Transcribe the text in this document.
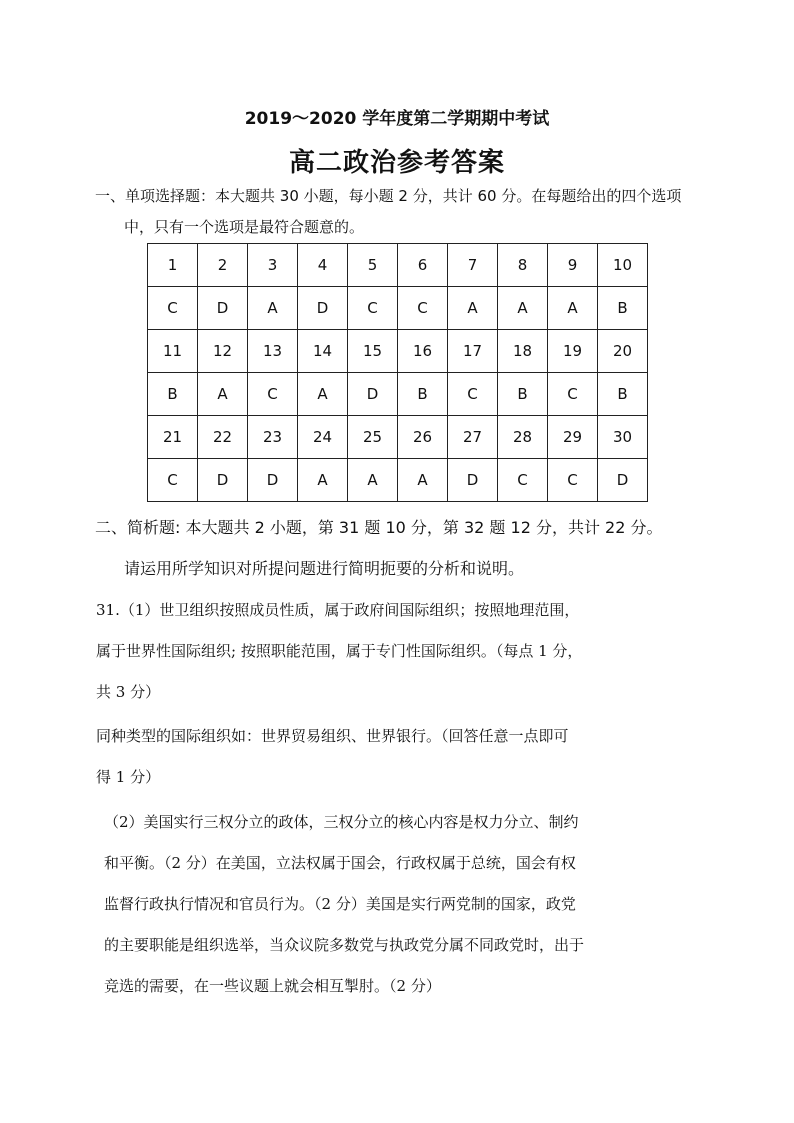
2019～2020 学年度第二学期期中考试
高二政治参考答案
一、单项选择题：本大题共 30 小题，每小题 2 分，共计 60 分。在每题给出的四个选项
中，只有一个选项是最符合题意的。
1	2	3	4	5	6	7	8	9	10
C	D	A	D	C	C	A	A	A	B
11	12	13	14	15	16	17	18	19	20
B	A	C	A	D	B	C	B	C	B
21	22	23	24	25	26	27	28	29	30
C	D	D	A	A	A	D	C	C	D
二、简析题: 本大题共 2 小题，第 31 题 10 分，第 32 题 12 分，共计 22 分。
请运用所学知识对所提问题进行简明扼要的分析和说明。
31.（1）世卫组织按照成员性质，属于政府间国际组织；按照地理范围，
属于世界性国际组织; 按照职能范围，属于专门性国际组织。（每点 1 分，
共 3 分）
同种类型的国际组织如：世界贸易组织、世界银行。（回答任意一点即可
得 1 分）
（2）美国实行三权分立的政体，三权分立的核心内容是权力分立、制约
和平衡。（2 分）在美国，立法权属于国会，行政权属于总统，国会有权
监督行政执行情况和官员行为。（2 分）美国是实行两党制的国家，政党
的主要职能是组织选举，当众议院多数党与执政党分属不同政党时，出于
竞选的需要，在一些议题上就会相互掣肘。（2 分）
